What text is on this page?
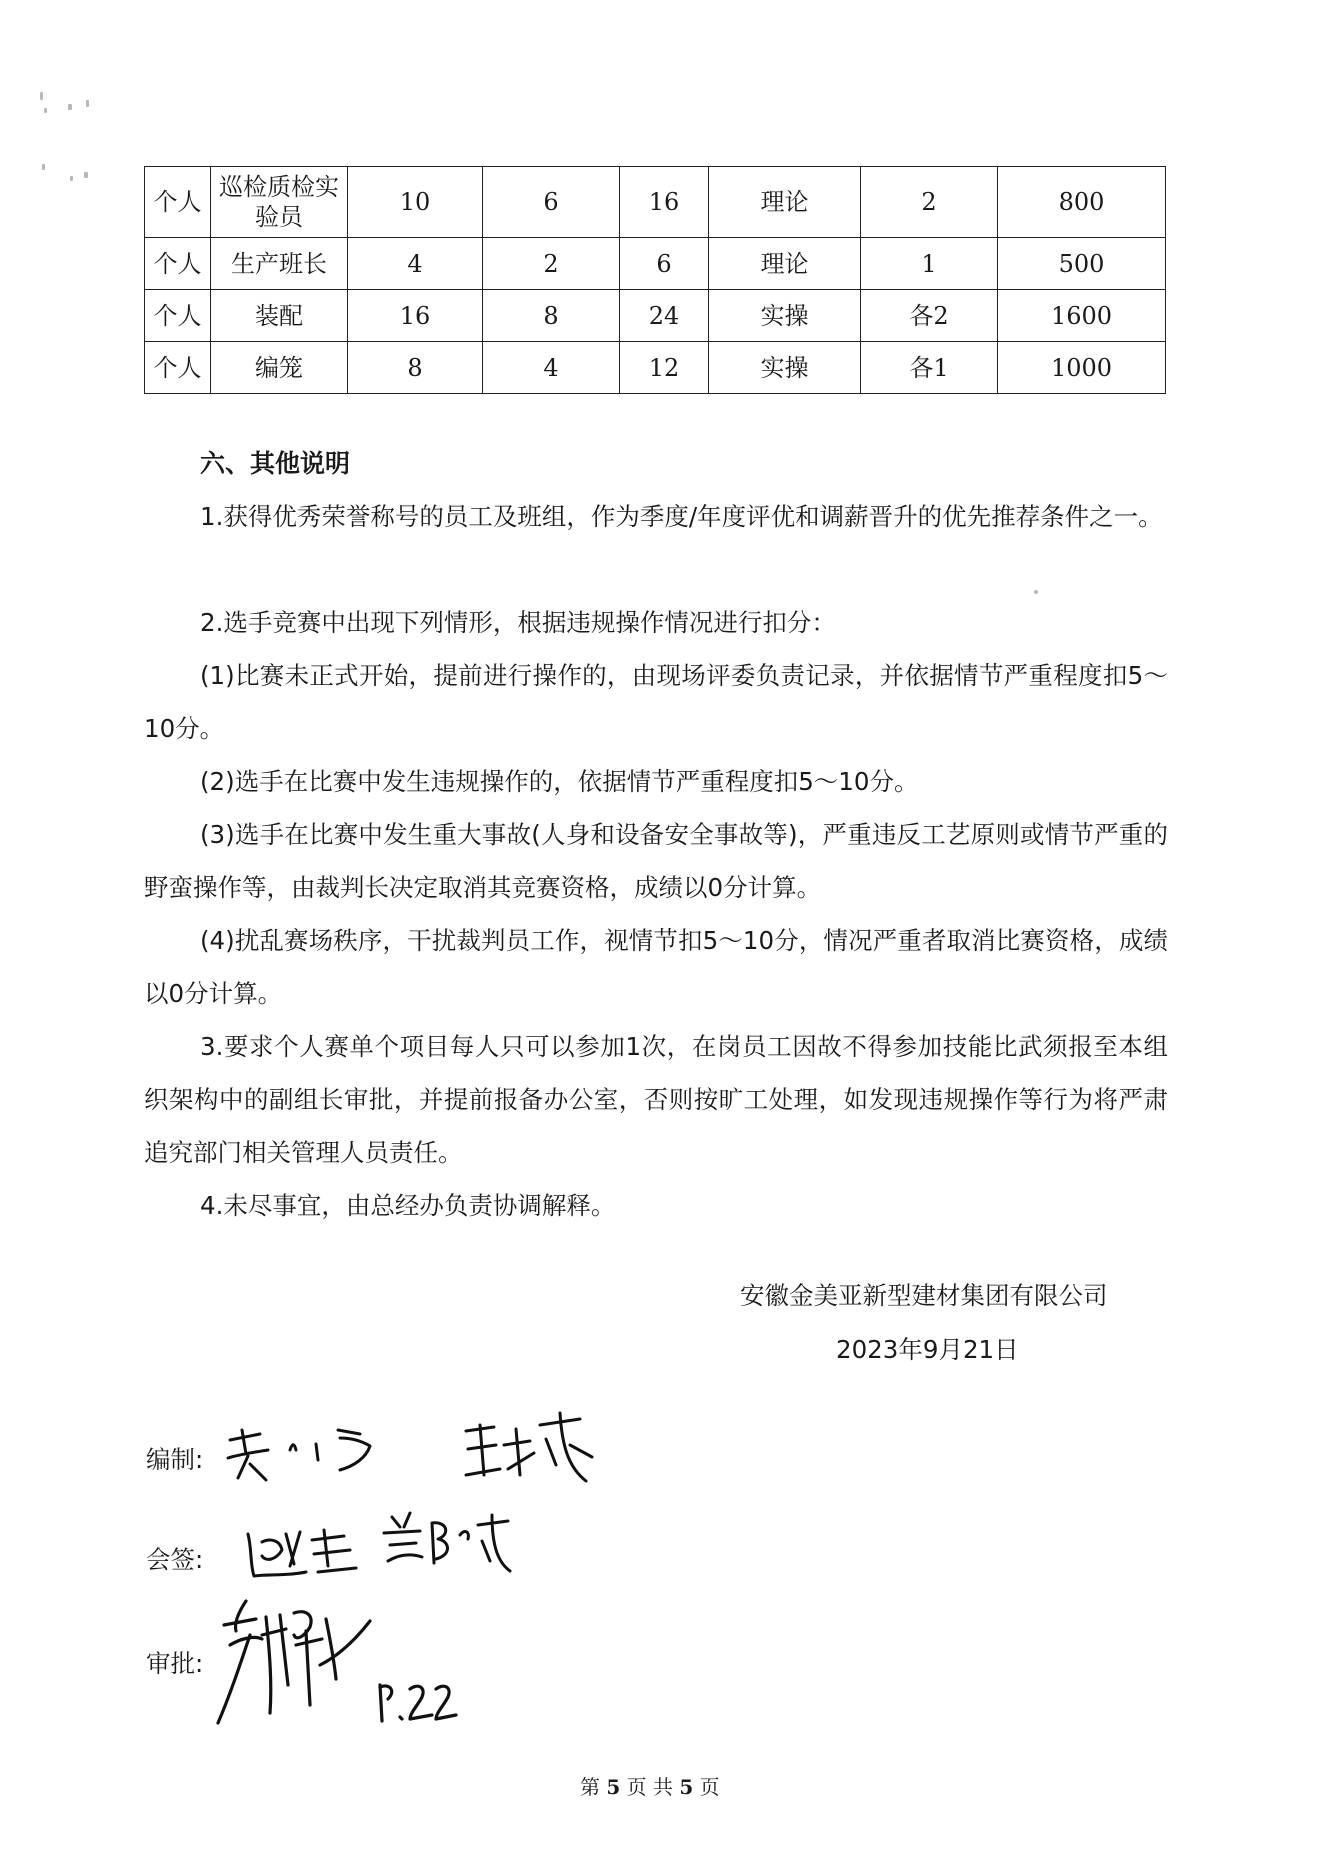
个人	巡检质检实验员	10	6	16	理论	2	800
个人	生产班长	4	2	6	理论	1	500
个人	装配	16	8	24	实操	各2	1600
个人	编笼	8	4	12	实操	各1	1000
六、其他说明
1.获得优秀荣誉称号的员工及班组，作为季度/年度评优和调薪晋升的优先推荐条件之一。
2.选手竞赛中出现下列情形，根据违规操作情况进行扣分：
(1)比赛未正式开始，提前进行操作的，由现场评委负责记录，并依据情节严重程度扣5～10分。
(2)选手在比赛中发生违规操作的，依据情节严重程度扣5～10分。
(3)选手在比赛中发生重大事故(人身和设备安全事故等)，严重违反工艺原则或情节严重的野蛮操作等，由裁判长决定取消其竞赛资格，成绩以0分计算。
(4)扰乱赛场秩序，干扰裁判员工作，视情节扣5～10分，情况严重者取消比赛资格，成绩以0分计算。
3.要求个人赛单个项目每人只可以参加1次，在岗员工因故不得参加技能比武须报至本组织架构中的副组长审批，并提前报备办公室，否则按旷工处理，如发现违规操作等行为将严肃追究部门相关管理人员责任。
4.未尽事宜，由总经办负责协调解释。
安徽金美亚新型建材集团有限公司
2023年9月21日
编制:
会签:
审批:
第 5 页 共 5 页
